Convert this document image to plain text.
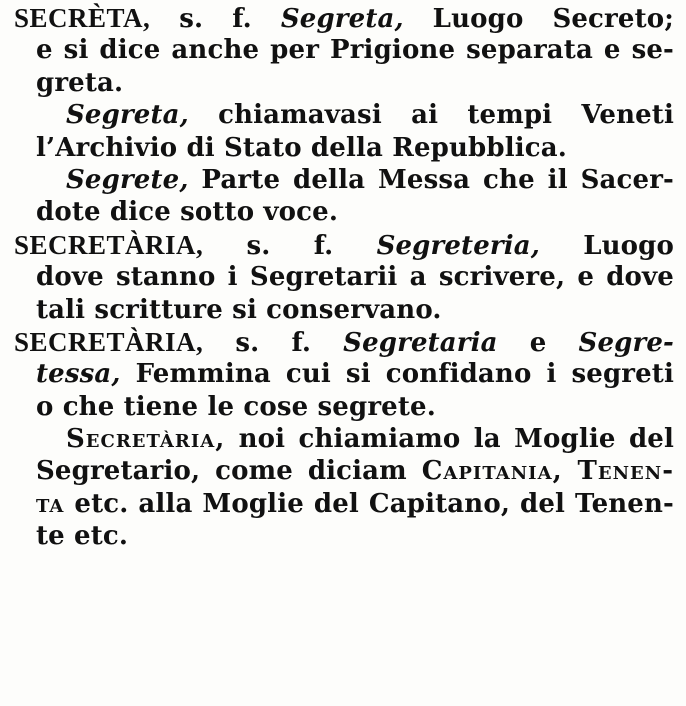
SECRÈTA, s. f. Segreta, Luogo Secreto;
e si dice anche per Prigione separata e se-
greta.
Segreta, chiamavasi ai tempi Veneti
l’Archivio di Stato della Repubblica.
Segrete, Parte della Messa che il Sacer-
dote dice sotto voce.
SECRETÀRIA, s. f. Segreteria, Luogo
dove stanno i Segretarii a scrivere, e dove
tali scritture si conservano.
SECRETÀRIA, s. f. Segretaria e Segre-
tessa, Femmina cui si confidano i segreti
o che tiene le cose segrete.
Secretària, noi chiamiamo la Moglie del
Segretario, come diciam Capitania, Tenen-
ta etc. alla Moglie del Capitano, del Tenen-
te etc.
